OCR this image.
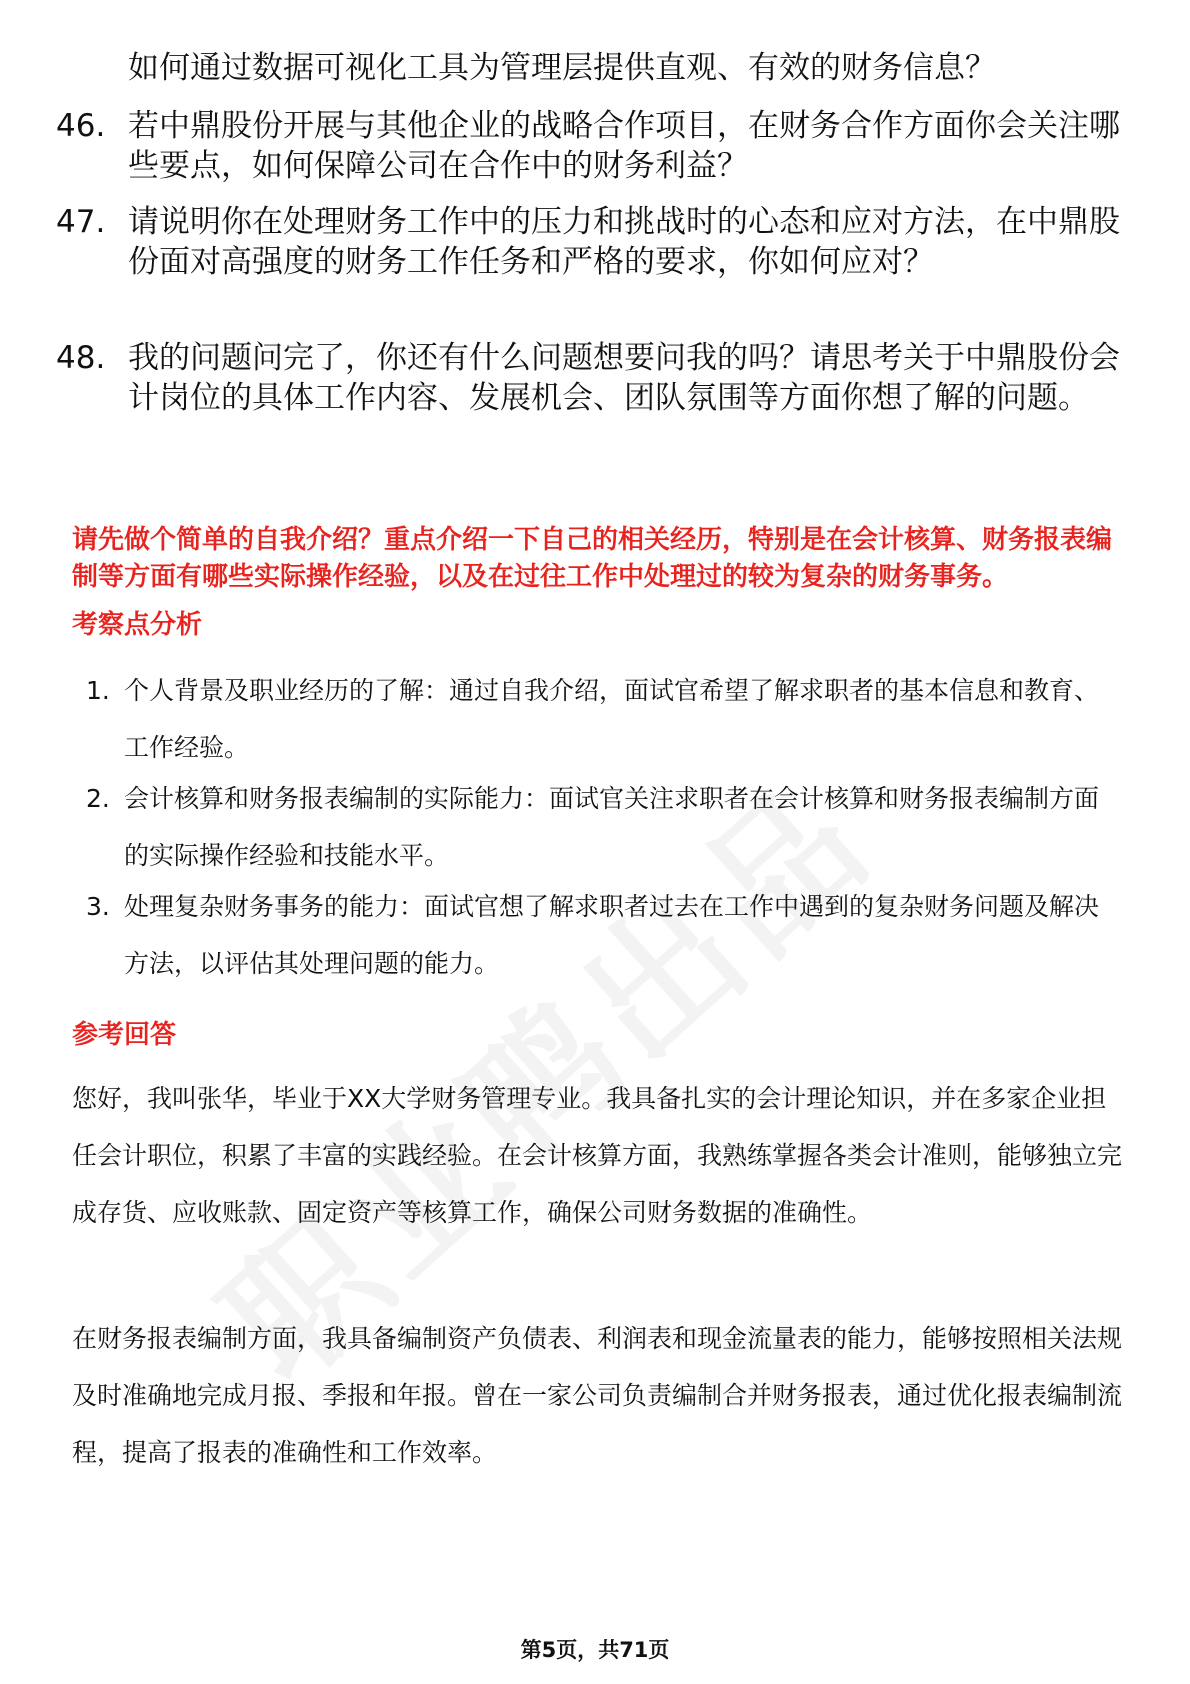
如何通过数据可视化工具为管理层提供直观、有效的财务信息？
46. 若中鼎股份开展与其他企业的战略合作项目，在财务合作方面你会关注哪些要点，如何保障公司在合作中的财务利益？
47. 请说明你在处理财务工作中的压力和挑战时的心态和应对方法，在中鼎股份面对高强度的财务工作任务和严格的要求，你如何应对？
48. 我的问题问完了，你还有什么问题想要问我的吗？请思考关于中鼎股份会计岗位的具体工作内容、发展机会、团队氛围等方面你想了解的问题。
请先做个简单的自我介绍？重点介绍一下自己的相关经历，特别是在会计核算、财务报表编制等方面有哪些实际操作经验，以及在过往工作中处理过的较为复杂的财务事务。
考察点分析
1. 个人背景及职业经历的了解：通过自我介绍，面试官希望了解求职者的基本信息和教育、工作经验。
2. 会计核算和财务报表编制的实际能力：面试官关注求职者在会计核算和财务报表编制方面的实际操作经验和技能水平。
3. 处理复杂财务事务的能力：面试官想了解求职者过去在工作中遇到的复杂财务问题及解决方法，以评估其处理问题的能力。
参考回答
您好，我叫张华，毕业于XX大学财务管理专业。我具备扎实的会计理论知识，并在多家企业担任会计职位，积累了丰富的实践经验。在会计核算方面，我熟练掌握各类会计准则，能够独立完成存货、应收账款、固定资产等核算工作，确保公司财务数据的准确性。
在财务报表编制方面，我具备编制资产负债表、利润表和现金流量表的能力，能够按照相关法规及时准确地完成月报、季报和年报。曾在一家公司负责编制合并财务报表，通过优化报表编制流程，提高了报表的准确性和工作效率。
第5页，共71页
